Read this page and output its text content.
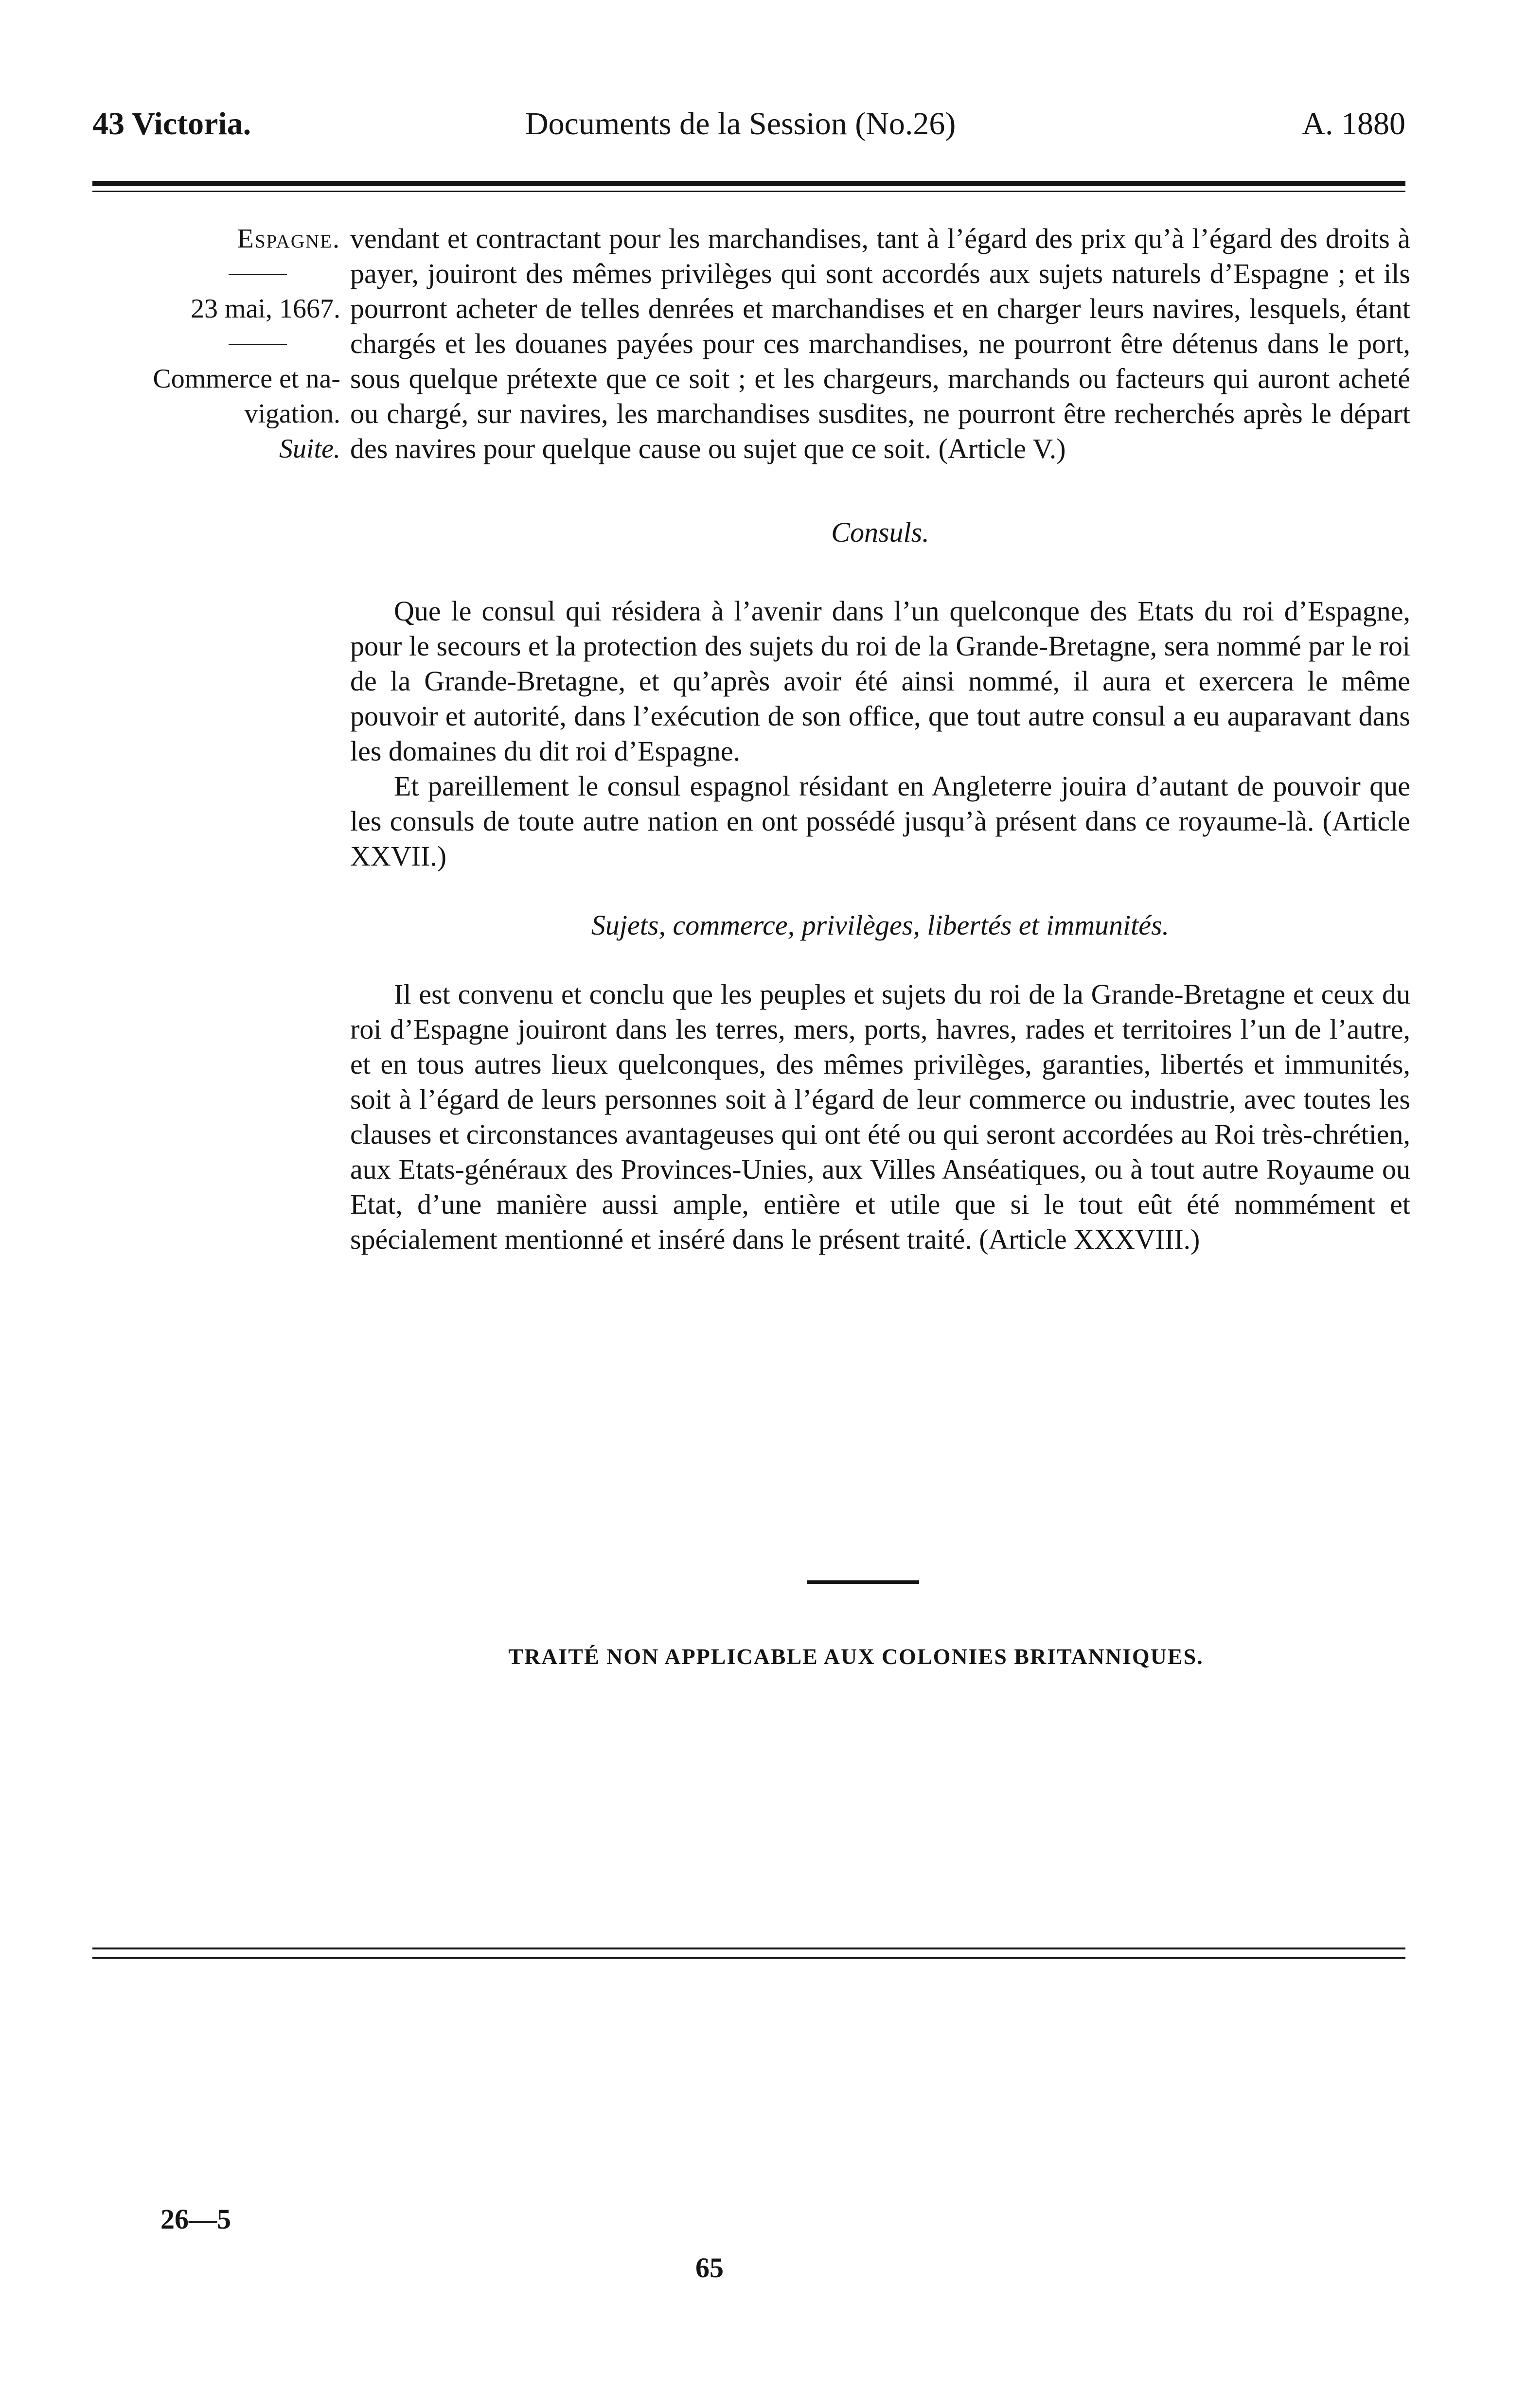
43 Victoria.	Documents de la Session (No.26)	A. 1880
Espagne.
23 mai, 1667.
Commerce et na-
vigation.
Suite.

vendant et contractant pour les marchandises, tant à l’égard des prix qu’à l’égard des droits à payer, jouiront des mêmes privilèges qui sont accordés aux sujets naturels d’Espagne ; et ils pourront acheter de telles denrées et marchandises et en charger leurs navires, lesquels, étant chargés et les douanes payées pour ces marchandises, ne pourront être détenus dans le port, sous quelque prétexte que ce soit ; et les chargeurs, marchands ou facteurs qui auront acheté ou chargé, sur navires, les marchandises susdites, ne pourront être recherchés après le départ des navires pour quelque cause ou sujet que ce soit. (Article V.)

Consuls.

Que le consul qui résidera à l’avenir dans l’un quelconque des Etats du roi d’Espagne, pour le secours et la protection des sujets du roi de la Grande-Bretagne, sera nommé par le roi de la Grande-Bretagne, et qu’après avoir été ainsi nommé, il aura et exercera le même pouvoir et autorité, dans l’exécution de son office, que tout autre consul a eu auparavant dans les domaines du dit roi d’Espagne.

Et pareillement le consul espagnol résidant en Angleterre jouira d’autant de pouvoir que les consuls de toute autre nation en ont possédé jusqu’à présent dans ce royaume-là. (Article XXVII.)

Sujets, commerce, privilèges, libertés et immunités.

Il est convenu et conclu que les peuples et sujets du roi de la Grande-Bretagne et ceux du roi d’Espagne jouiront dans les terres, mers, ports, havres, rades et territoires l’un de l’autre, et en tous autres lieux quelconques, des mêmes privilèges, garanties, libertés et immunités, soit à l’égard de leurs personnes soit à l’égard de leur commerce ou industrie, avec toutes les clauses et circonstances avantageuses qui ont été ou qui seront accordées au Roi très-chrétien, aux Etats-généraux des Provinces-Unies, aux Villes Anséatiques, ou à tout autre Royaume ou Etat, d’une manière aussi ample, entière et utile que si le tout eût été nommément et spécialement mentionné et inséré dans le présent traité. (Article XXXVIII.)

TRAITÉ NON APPLICABLE AUX COLONIES BRITANNIQUES.
26—5
65
